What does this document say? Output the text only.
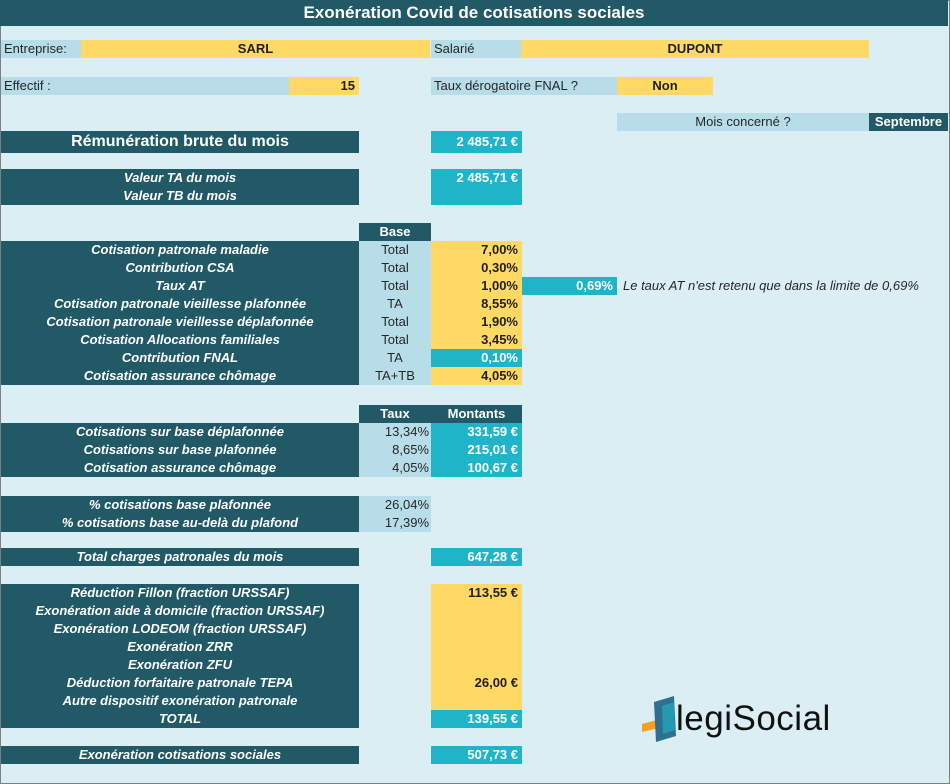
Exonération Covid de cotisations sociales
Entreprise:	SARL	Salarié	DUPONT
Effectif :	15	Taux dérogatoire FNAL ?	Non
Mois concerné ?	Septembre
Rémunération brute du mois	2 485,71 €
Valeur TA du mois	2 485,71 €
Valeur TB du mois
Base
Cotisation patronale maladie	Total	7,00%
Contribution CSA	Total	0,30%
Taux AT	Total	1,00%	0,69% Le taux AT n'est retenu que dans la limite de 0,69%
Cotisation patronale vieillesse plafonnée	TA	8,55%
Cotisation patronale vieillesse déplafonnée	Total	1,90%
Cotisation Allocations familiales	Total	3,45%
Contribution FNAL	TA	0,10%
Cotisation assurance chômage	TA+TB	4,05%
Taux	Montants
Cotisations sur base déplafonnée	13,34%	331,59 €
Cotisations sur base plafonnée	8,65%	215,01 €
Cotisation assurance chômage	4,05%	100,67 €
% cotisations base plafonnée	26,04%
% cotisations base au-delà du plafond	17,39%
Total charges patronales du mois	647,28 €
Réduction Fillon (fraction URSSAF)	113,55 €
Exonération aide à domicile (fraction URSSAF)
Exonération LODEOM (fraction URSSAF)
Exonération ZRR
Exonération ZFU
Déduction forfaitaire patronale TEPA	26,00 €
Autre dispositif exonération patronale
TOTAL	139,55 €
Exonération cotisations sociales	507,73 €
legiSocial
